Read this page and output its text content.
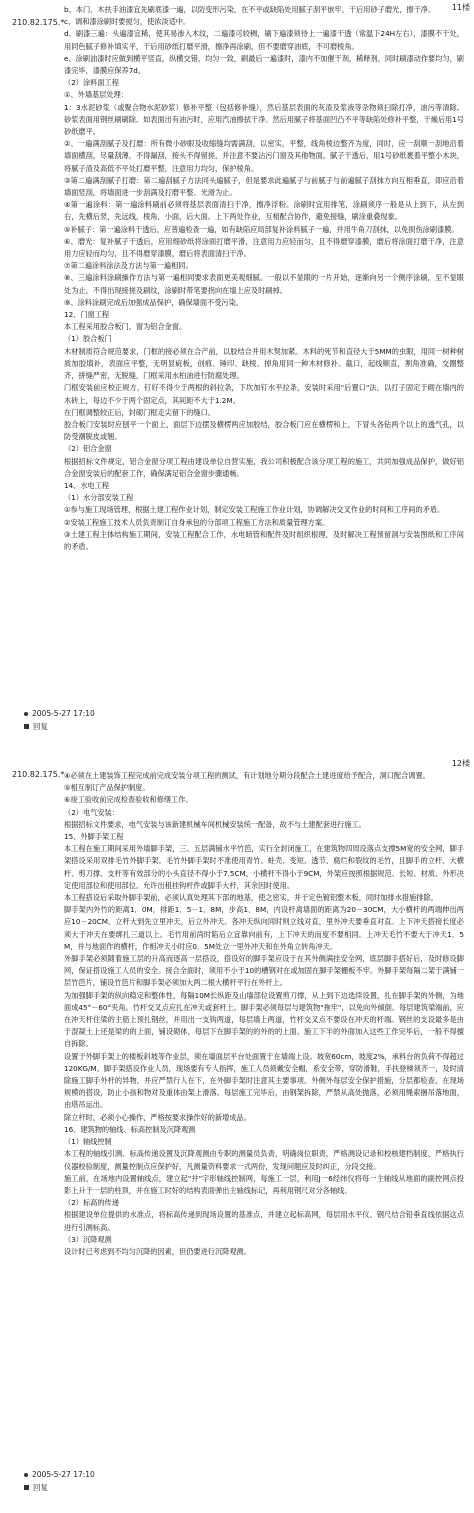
11楼
210.82.175.*

b、本门、木扶手油漆宜先刷底漆一遍，以防变形污染，在不平或缺陷处用腻子刮平嵌牢，干后用砂子磨光，擦干净。

c、调和漆涂刷时要搅匀，使浓淡适中。

d、刷漆三遍：头遍漆宜稀，使其易渗入木纹，二遍漆可较稠，刷下遍漆须待上一遍漆干透（常温下24H左右），漆膜不干处，用同色腻子修补填实平，干后用砂纸打磨平滑，擦净再涂刷，但不要磨穿油底，不可磨棱角。

e、涂刷油漆时应做到横平竖直，纵横交错，均匀一致，刷最后一遍漆时，漆内不加催干剂，稀释剂，同时刷漆动作要均匀，刷漆完毕，漆膜应保养7d。

（2）涂料面工程

①、外墙基层处理：

1：3水泥砂浆（或聚合物水泥砂浆）修补平整（包括修补缝），然后基层表面的灰渣及浆液等杂物须扫除打净，油污等清除。砂浆表面用钢丝刷刷除。如表面出有油污时，应用汽油擦拭干净。然后用腻子将基面凹凸不平等缺陷处修补平整，干燥后用1号砂纸磨平。

②、一遍满刮腻子及打磨：所有微小砂眼及收缩缝均需满刮，以密实，平整，线角棱边整齐为度，同时，应一刮顺一刮地沿着墙面横刮，尽量刮薄，不得漏刮，接头不得留搓，并注意不要沾污门窗及其他物面。腻子干透后，用1号砂纸裹着平整小木块，将腻子渣及高低不平处打磨平整，注意用力均匀，保护棱角。

③第二遍满刮腻子打磨：第二遍刮腻子方法同头遍腻子，但是要求此遍腻子与前腻子与前遍腻子刮抹方向互相垂直，即应沿着墙面竖刮，将墙面进一步刮满及打磨平整、光滑为止。

④第一遍涂料：第一遍涂料刷前必须将基层表面清扫干净，擦净浮粉。涂刷时宜用排笔，涂刷须序一般是从上到下，从左到右，先横后竖，先远线，棱角，小面，后大面。上下两处作业，互相配合协作，避免接缝，刷涂重叠现象。

⑤补腻子：第一遍涂料干透后，应普遍检查一遍，如有缺陷应局部复补涂料腻子一遍，并用牛角刀刮抹，以免损伤涂刷漆膜。

⑥、磨光：复补腻子干透后，应用细砂纸将涂面打磨平滑，注意用力应轻而匀，且不得磨穿漆膜，磨后将涂面打磨干净，注意用力应轻而均匀，且不得磨穿漆膜，磨后将表面清扫干净。

⑦第二遍涂料涂法及方法与第一遍相同。

⑧、三遍涂料涂刷操作方法与第一遍相同要求表面更美观细腻。一般以不显眼的一片开始，逐渐向另一个侧序涂刷，至不显眼处为止，不得出现接搓及刷纹，涂刷时带笔要拐向在墙上应及时刷掉。

⑨、涂料涂刷完成后加强成品保护，确保墙面不受污染。

12、门窗工程

本工程采用胶合板门，窗为铝合金窗。

（1）胶合板门

木材制质符合规范要求，门框的接必须在合产前，以胶结合并用木契加紧。木料的死节和直径大于5MM的虫眼，用同一树种树质加胶填补，表面应平整，无明显疵板，创痕、锤印、缺棱、掉角用同一种木材修补。截口，起线顺直，割角准确，交圈整齐，拼缝严密，无脱缝，门框采用水柏油进行防腐处理。

门框安装前应校正规方，钉好不得少于两根的斜拉条，下坎加钉水平拉条，安装时采用"后置口"法，以打子固定于砌在墙内的木砖上，每边不少于两个固定点，其间距不大于1.2M。

在门框调整较正后，封砌门框走尖留下的缝口。

胶合板门安装时应刨平一个面上，面层下边摆及横楞两应加胶结，胶合板门应在横楞和上，下冒头各钻两个以上的透气孔，以防受潮脱皮或翘。

（2）铝合金窗

根据招标文件规定，铝合金窗分项工程由建设单位自营实施，我公司积极配合该分项工程的施工，共同加强成品保护，做好铝合金窗安装后的配套工作，确保满足铝合金窗步骤通畅。

14、水电工程

（1）水分部安装工程

①参与施工现场管理，根据土建工程作业计划，制定安装工程施工作业计划，协调解决交叉作业的时间和工序间的矛盾。

②安装工程施工技术人员负责制订自身承包的分部项工程施工方法和质量管理方案。

③土建工程主体结构施工期间，安装工程配合工作，水电暗管和配件及时组织根理，及时解决工程预留洞与安装图纸和工序间的矛盾。

2005-5-27 17:10
回复
12楼
210.82.175.* ④必须在土建装饰工程完成前完成安装分项工程的测试，有计划地分期分段配合土建进度给予配合，洞口配合调置。

⑤相互制订产品保护制度。

⑥竣工验收前完成检查验收和修缮工作。

（2）电气安装：

根据招标文件要求，电气安装与该新建机械车间机械安装统一配备，故不与土建配套进行施工。

15、外脚手架工程

本工程在施工期间采用外墙脚手架，三、五层满铺水平竹笆，实行全封闭施工，在建筑物四周设落点支撑5M宽的安全网，脚手架搭设采用双排毛竹外脚手架。毛竹外脚手架时不准使用青竹、蛀壳、变短、透节、腐烂和裂纹的毛竹，且脚手的立杆、大横杆、剪刀撑、支杆等有效部分的小头直径不得小于7.5CM，小横杆不得小于9CM，外架应按照根据规范、长短、材质、外形决定使用部位和使用部位。允许出租挂钩杆件或脚手大杆，其余因时使用。

本工程搭设后采取外脚手架前，必须认真处理其下部的地基，使之密实，并于定色镀铝整木板，同时加排水措施排除。

脚手架内外竹的距离1．0M，排距1．5－1．8M，步高1．8M，内设杆离墙面的距离为20－30CM，大小横杆的两端伸出两应10－20CM。立杆大到先立里冲天，后立外冲天。各冲天纵向同时则立线对直，里外冲天要垂直对直。上下冲天搭接长度必须大于冲天在要绑扎三道以上。毛竹用前尚时陷后立宜靠向前有，上下冲天的而度不要相同。上冲天毛竹不要大于冲天1．5M，并与地面作的横杆，作相冲天小时应0．5M处立一里外冲天和在外角立转角冲天。

外脚手架必须随着施工层的升高而逐高一层搭设，搭设好的脚手架应设于在其外侧满挂安全网，底层脚手搭好后，及时修设脚网，保证搭设施工人员的安全。接合全面时，须用不小于10的槽钢对在或加固在脚手架栅板不牢。外脚手架每隔二架于满铺一层竹笆片，铺设竹笆片和脚手架必须加大两二根大横杆平行在外杆上。

为加强脚手架的纵向稳定和整体性，每隔10M长纵距及山墙部位设置剪刀撑，从上到下边选续设置，扎在脚手架的外侧，为地面成45°－60°夹角。竹杆交叉点应扎在冲天或套杆上。脚手架必须每层与建筑物"拖牢"，以免向外倾倒。每层建筑梁端前，应在冲天杆住梁的主筋上预扎钢丝，并用出一支钩两道，每层墙上两道，竹杆交叉点不要设在冲天的杆端。钢丝的支设最多是由于混凝土上还是梁的的上面，铺设砌体，每层下在脚手架的的外的的上面。施工下半的外面加入这些工作完毕后，一般不得擅自拆除。

设置于外脚手架上的楼板斜坡等作业层，须在墙面层平台处面置于在墙端上设。坡宽60cm，坡度2%，承料台的负荷不得超过120KG/M。脚手架搭设作业人员，现场要有专人指挥，施工人员须戴安全帽，系安全带，穿防滑鞋，手扶登梯须齐一，及时清除施工脚手外杆的异物，并应严禁行人在下，在外脚手架时注意其主要事项。外侧外每层安全保护措施，分层都检查，在现场规模的搭设，防止小孩和物对及重体由架上滑落。每层施工完毕后，由钢架拆除，严禁从高处抛落，必须用绳索捆吊落地面，由塔吊运出。

除立杆时，必须小心操作，严格按要求操作好的新增成品。

16、建筑物的轴线、标高控制及沉降观测

（1）轴线控制

本工程的轴线引测、标高传递设置及沉降观测由专职的测量员负责，明确岗位职责，严格测设记录和校核建档制度，严格执行仪器校验制度，测量控制点应保护好，凡测量资料要求一式两份，发现问题应及时纠正，分段交接。

施工前，在场地内设置轴线点，建立起"井"字形轴线控制网，每施工一层，利用J一6经纬仪将每一主轴线从地面的副控网点投影上升于一层的柱顶，并在施工时好的结构表面弹出主轴线标记，再利用钢尺对分各轴线。

（2）标高的传递

根据建设单位提供的水准点，将标高传递到现场设置的基准点，并建立起标高网，每层用水平仪、钢尺结合铅垂直线依据这点进行引测标高。

（3）沉降观测

设计时已考虑到不均匀沉降的因素，但仍要进行沉降观测。

2005-5-27 17:10
回复
